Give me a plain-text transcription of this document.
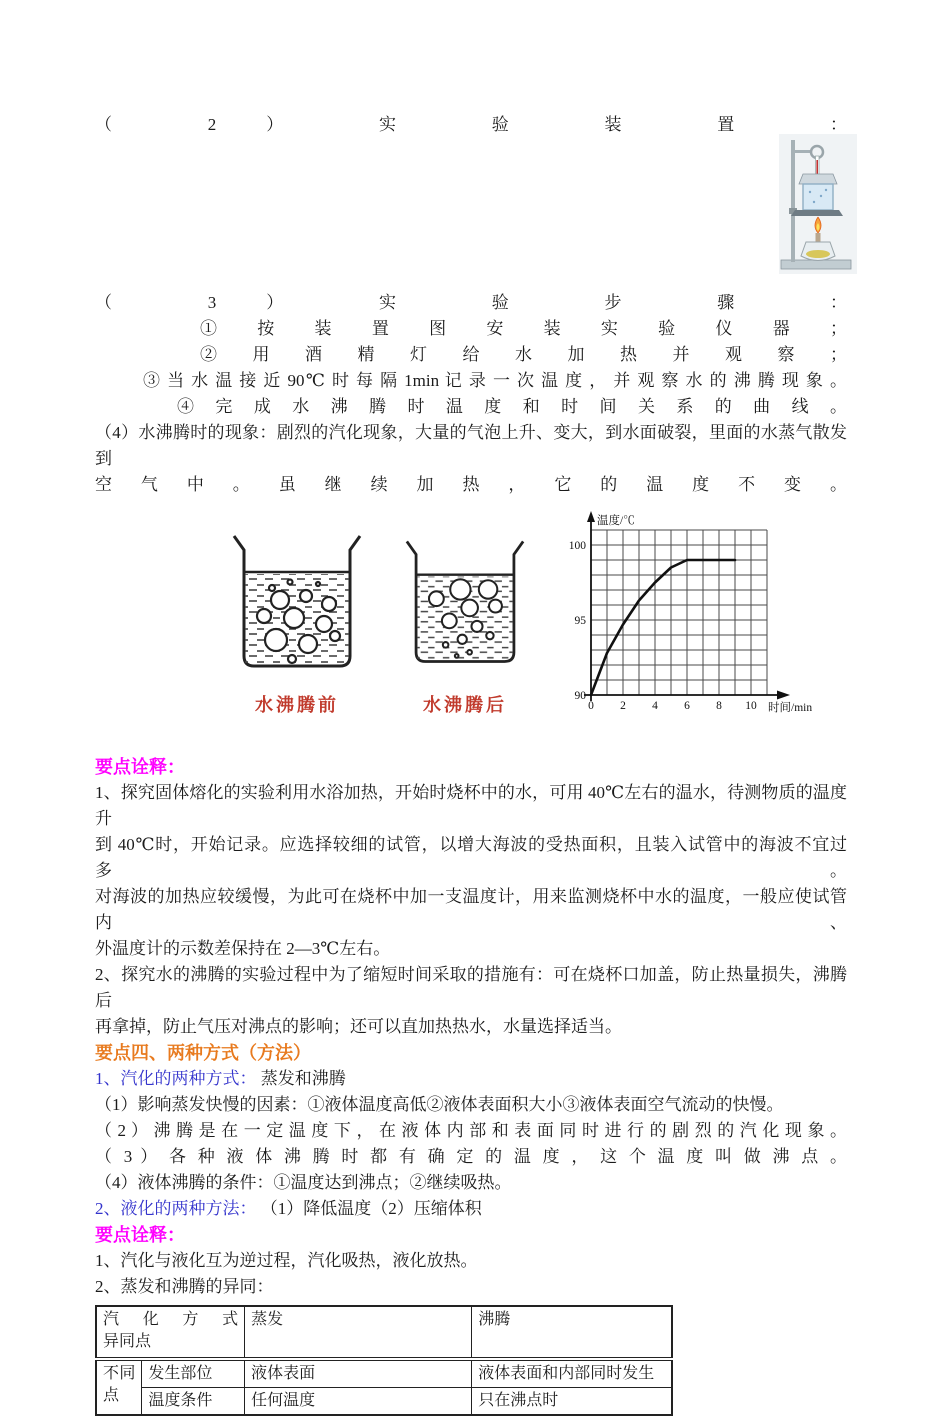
（ 2 ） 实 验 装 置 ：
（ 3 ） 实 验 步 骤 ：
① 按 装 置 图 安 装 实 验 仪 器 ；
② 用 酒 精 灯 给 水 加 热 并 观 察 ；
③ 当 水 温 接 近 90℃ 时 每 隔 1min 记 录 一 次 温 度 ， 并 观 察 水 的 沸 腾 现 象 。
④ 完 成 水 沸 腾 时 温 度 和 时 间 关 系 的 曲 线 。
（4）水沸腾时的现象：剧烈的汽化现象，大量的气泡上升、变大，到水面破裂，里面的水蒸气散发到
空 气 中 。 虽 继 续 加 热 ， 它 的 温 度 不 变 。
水沸腾前	水沸腾后	90
95
100
0 2 4 6 8 10
温度/℃
时间/min
要点诠释：
1、探究固体熔化的实验利用水浴加热，开始时烧杯中的水，可用 40℃左右的温水，待测物质的温度升
到 40℃时，开始记录。应选择较细的试管，以增大海波的受热面积，且装入试管中的海波不宜过多。
对海波的加热应较缓慢，为此可在烧杯中加一支温度计，用来监测烧杯中水的温度，一般应使试管内、
外温度计的示数差保持在 2—3℃左右。
2、探究水的沸腾的实验过程中为了缩短时间采取的措施有：可在烧杯口加盖，防止热量损失，沸腾后
再拿掉，防止气压对沸点的影响；还可以直加热热水，水量选择适当。
要点四、两种方式（方法）
1、汽化的两种方式： 蒸发和沸腾
（1）影响蒸发快慢的因素：①液体温度高低②液体表面积大小③液体表面空气流动的快慢。
（ 2 ） 沸 腾 是 在 一 定 温 度 下 ， 在 液 体 内 部 和 表 面 同 时 进 行 的 剧 烈 的 汽 化 现 象 。
（ 3 ） 各 种 液 体 沸 腾 时 都 有 确 定 的 温 度 ， 这 个 温 度 叫 做 沸 点 。
（4）液体沸腾的条件：①温度达到沸点；②继续吸热。
2、液化的两种方法： （1）降低温度（2）压缩体积
要点诠释：
1、汽化与液化互为逆过程，汽化吸热，液化放热。
2、蒸发和沸腾的异同：
汽 化 方 式
异同点		蒸发	沸腾
不同点	发生部位	液体表面	液体表面和内部同时发生
	温度条件	任何温度	只在沸点时
